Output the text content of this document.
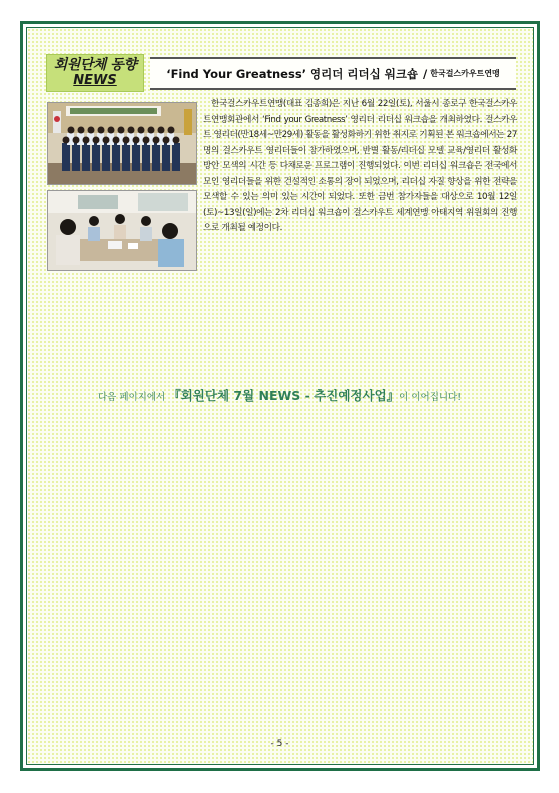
회원단체 동향
NEWS	‘Find Your Greatness’ 영리더 리더십 워크숍 / 한국걸스카우트연맹

한국걸스카우트연맹(대표 김종희)은 지난 6월 22일(토), 서울시 종로구 한국걸스카우트연맹회관에서 ‘Find your Greatness’ 영리더 리더십 워크숍을 개최하였다. 걸스카우트 영리더(만18세~만29세) 활동을 활성화하기 위한 취지로 기획된 본 워크숍에서는 27명의 걸스카우트 영리더들이 참가하였으며, 반별 활동/리더십 모델 교육/영리더 활성화 방안 모색의 시간 등 다채로운 프로그램이 진행되었다. 이번 리더십 워크숍은 전국에서 모인 영리더들을 위한 건설적인 소통의 장이 되었으며, 리더십 자질 향상을 위한 전략을 모색할 수 있는 의미 있는 시간이 되었다. 또한 금번 참가자들을 대상으로 10월 12일(토)~13일(일)에는 2차 리더십 워크숍이 걸스카우트 세계연맹 아태지역 위원회의 진행으로 개최될 예정이다.

다음 페이지에서 『회원단체 7월 NEWS - 추진예정사업』이 이어집니다!
- 5 -
